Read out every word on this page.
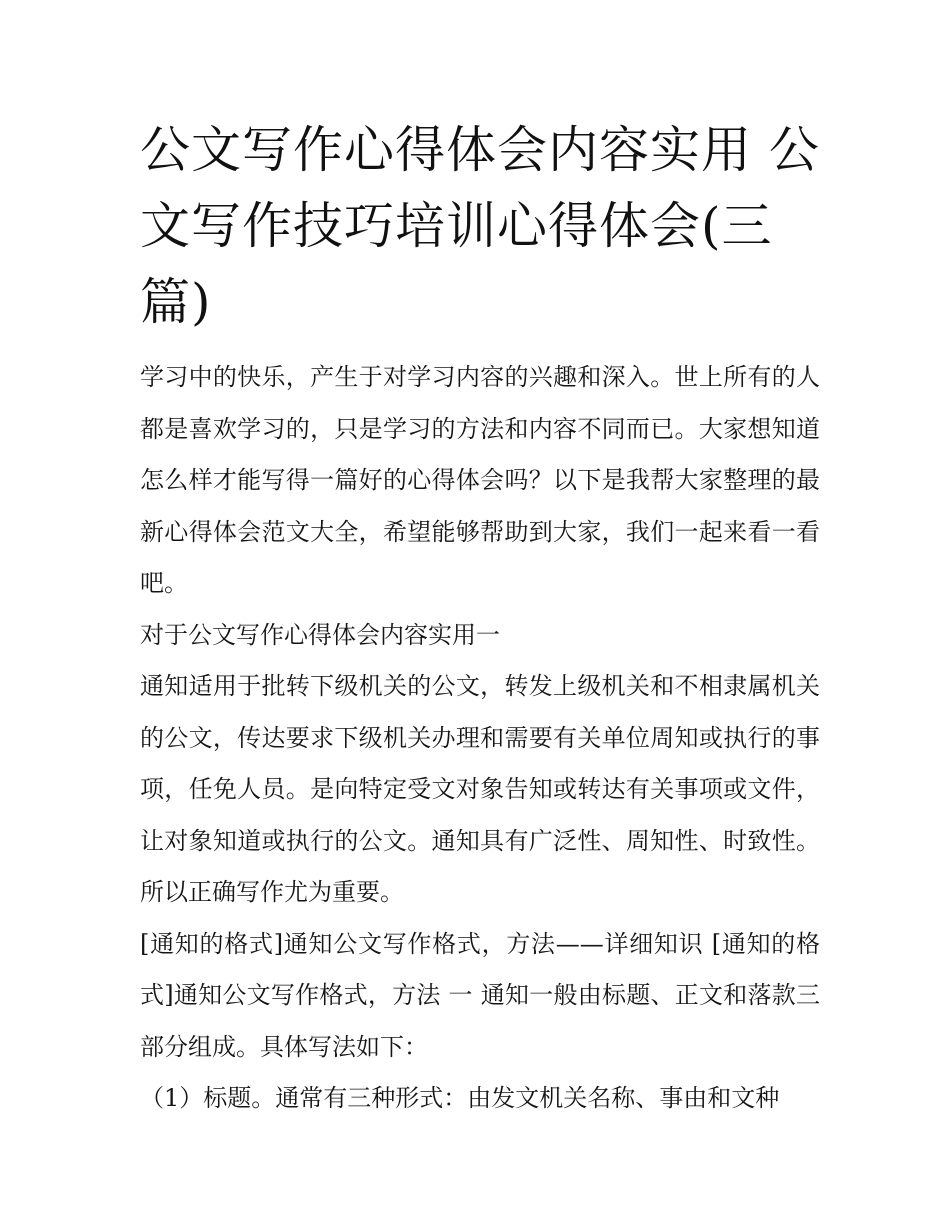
公文写作心得体会内容实用 公文写作技巧培训心得体会(三篇)

学习中的快乐，产生于对学习内容的兴趣和深入。世上所有的人都是喜欢学习的，只是学习的方法和内容不同而已。大家想知道怎么样才能写得一篇好的心得体会吗？以下是我帮大家整理的最新心得体会范文大全，希望能够帮助到大家，我们一起来看一看吧。

对于公文写作心得体会内容实用一

通知适用于批转下级机关的公文，转发上级机关和不相隶属机关的公文，传达要求下级机关办理和需要有关单位周知或执行的事项，任免人员。是向特定受文对象告知或转达有关事项或文件，让对象知道或执行的公文。通知具有广泛性、周知性、时致性。所以正确写作尤为重要。

[通知的格式]通知公文写作格式，方法——详细知识 [通知的格式]通知公文写作格式，方法 一 通知一般由标题、正文和落款三部分组成。具体写法如下：

（1）标题。通常有三种形式：由发文机关名称、事由和文种
